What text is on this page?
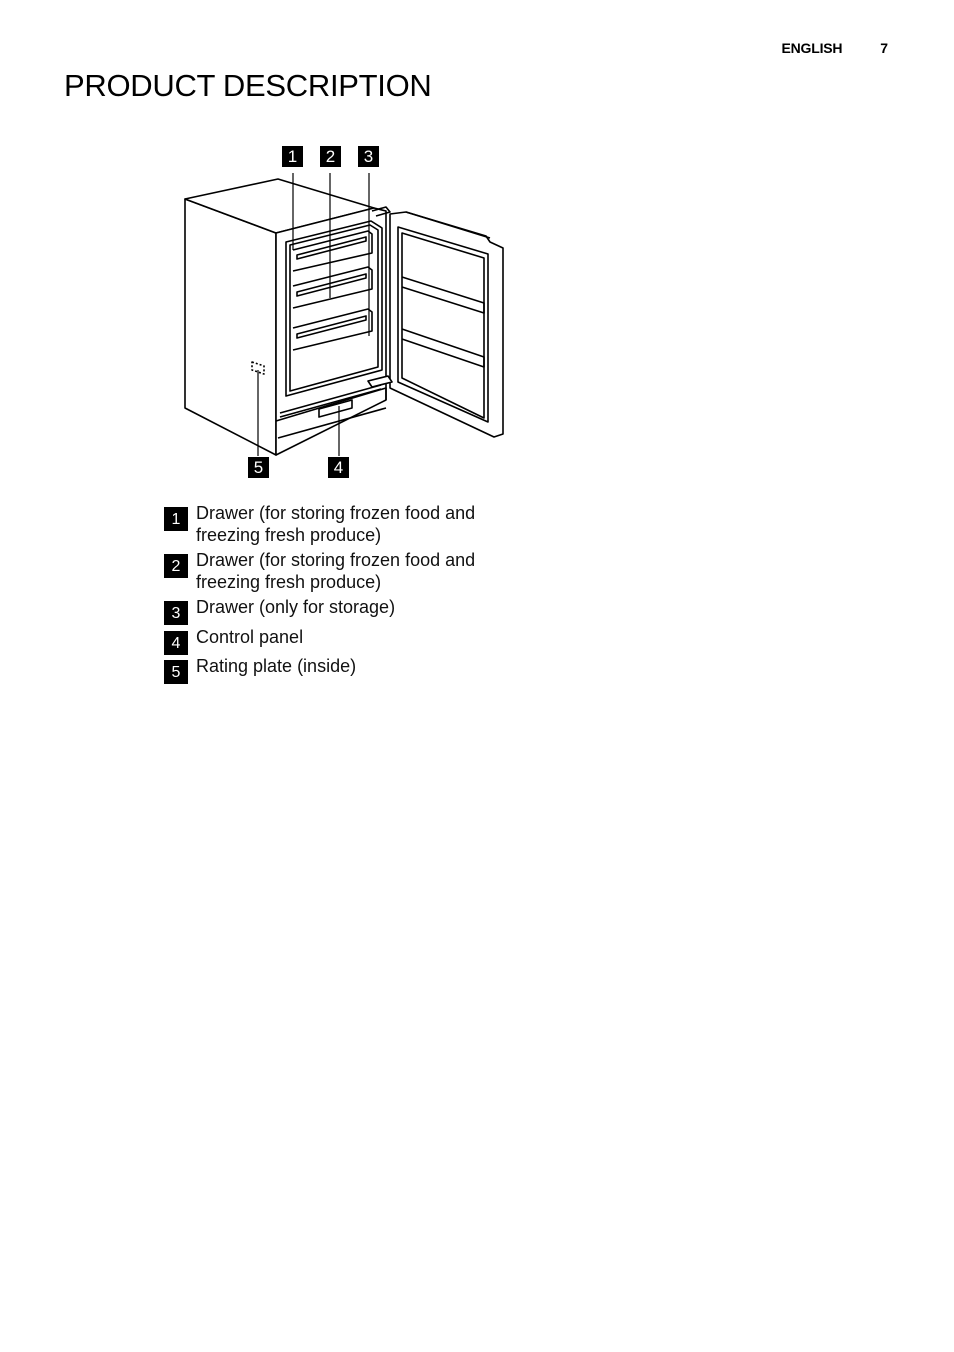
ENGLISH	7
PRODUCT DESCRIPTION
1	2	3
5	4
1 Drawer (for storing frozen food and
freezing fresh produce)
2 Drawer (for storing frozen food and
freezing fresh produce)
3 Drawer (only for storage)
4 Control panel
5 Rating plate (inside)
